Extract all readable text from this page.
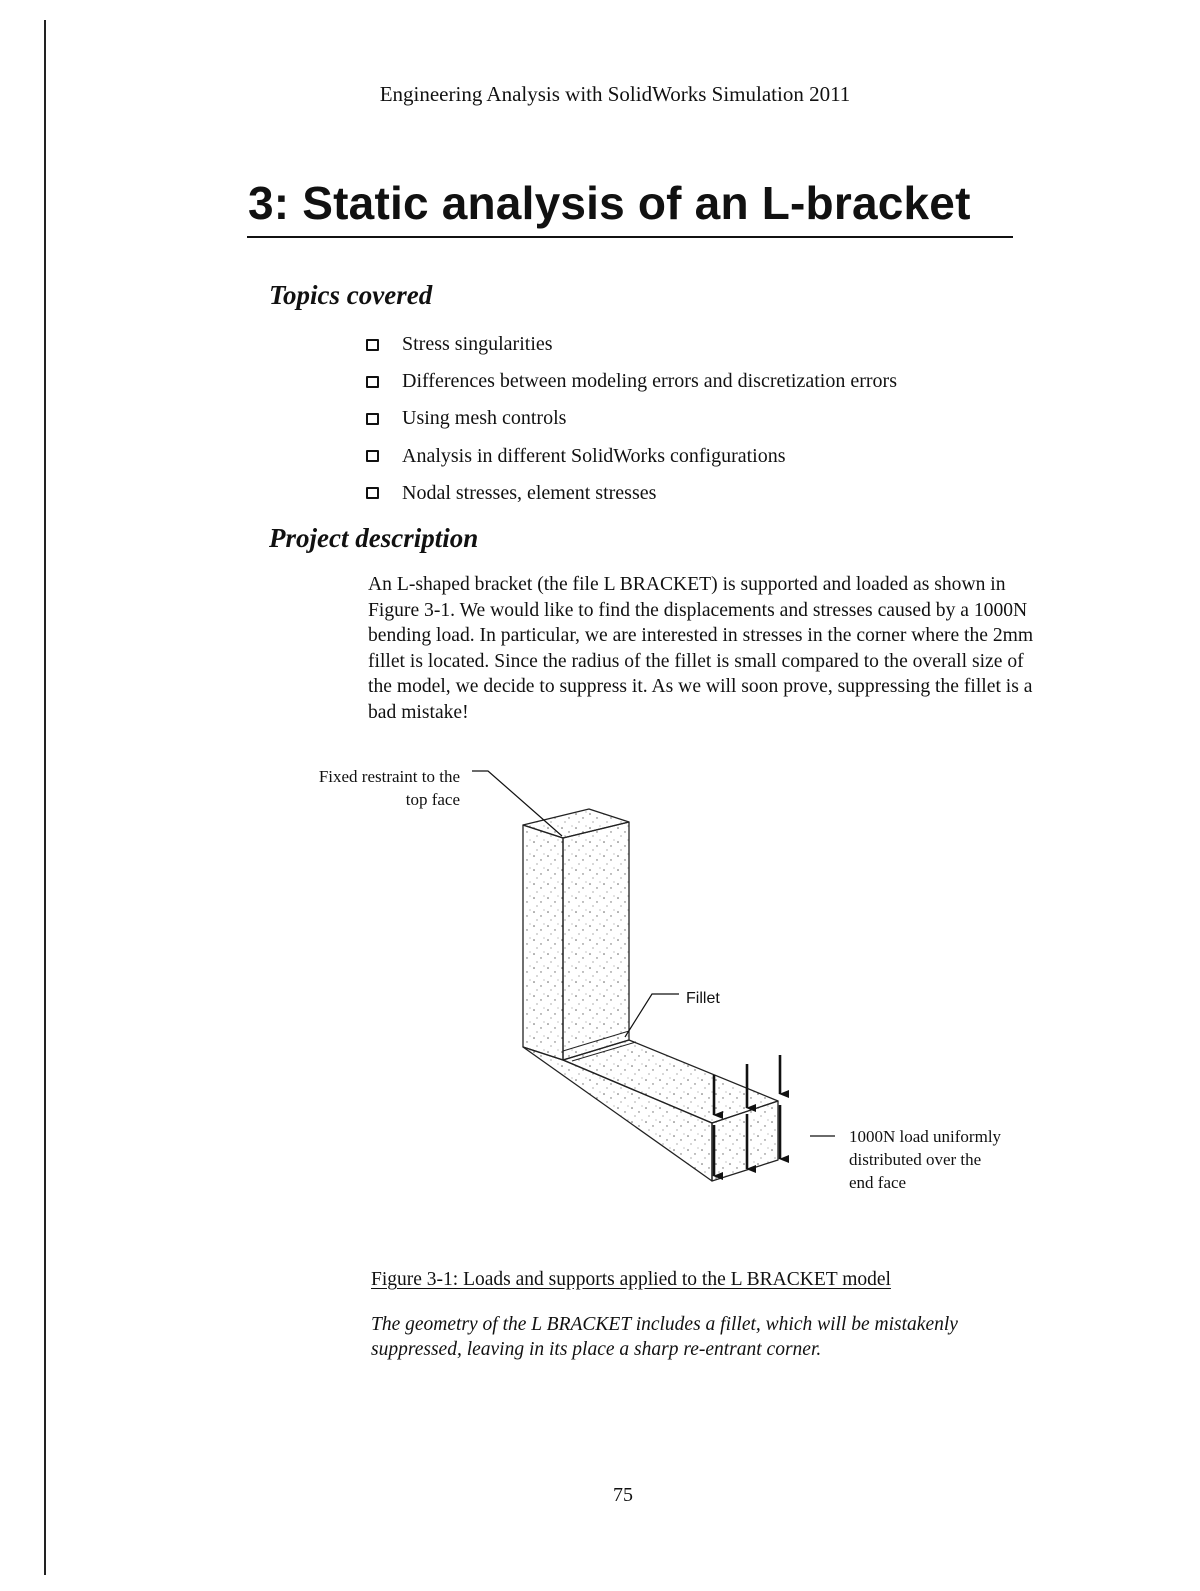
Engineering Analysis with SolidWorks Simulation 2011
3: Static analysis of an L-bracket
Topics covered
Stress singularities
Differences between modeling errors and discretization errors
Using mesh controls
Analysis in different SolidWorks configurations
Nodal stresses, element stresses
Project description

An L-shaped bracket (the file L BRACKET) is supported and loaded as shown in Figure 3-1. We would like to find the displacements and stresses caused by a 1000N bending load. In particular, we are interested in stresses in the corner where the 2mm fillet is located. Since the radius of the fillet is small compared to the overall size of the model, we decide to suppress it. As we will soon prove, suppressing the fillet is a bad mistake!

Fixed restraint to the
top face
Fillet
1000N load uniformly
distributed over the
end face

Figure 3-1: Loads and supports applied to the L BRACKET model

The geometry of the L BRACKET includes a fillet, which will be mistakenly suppressed, leaving in its place a sharp re-entrant corner.

75
